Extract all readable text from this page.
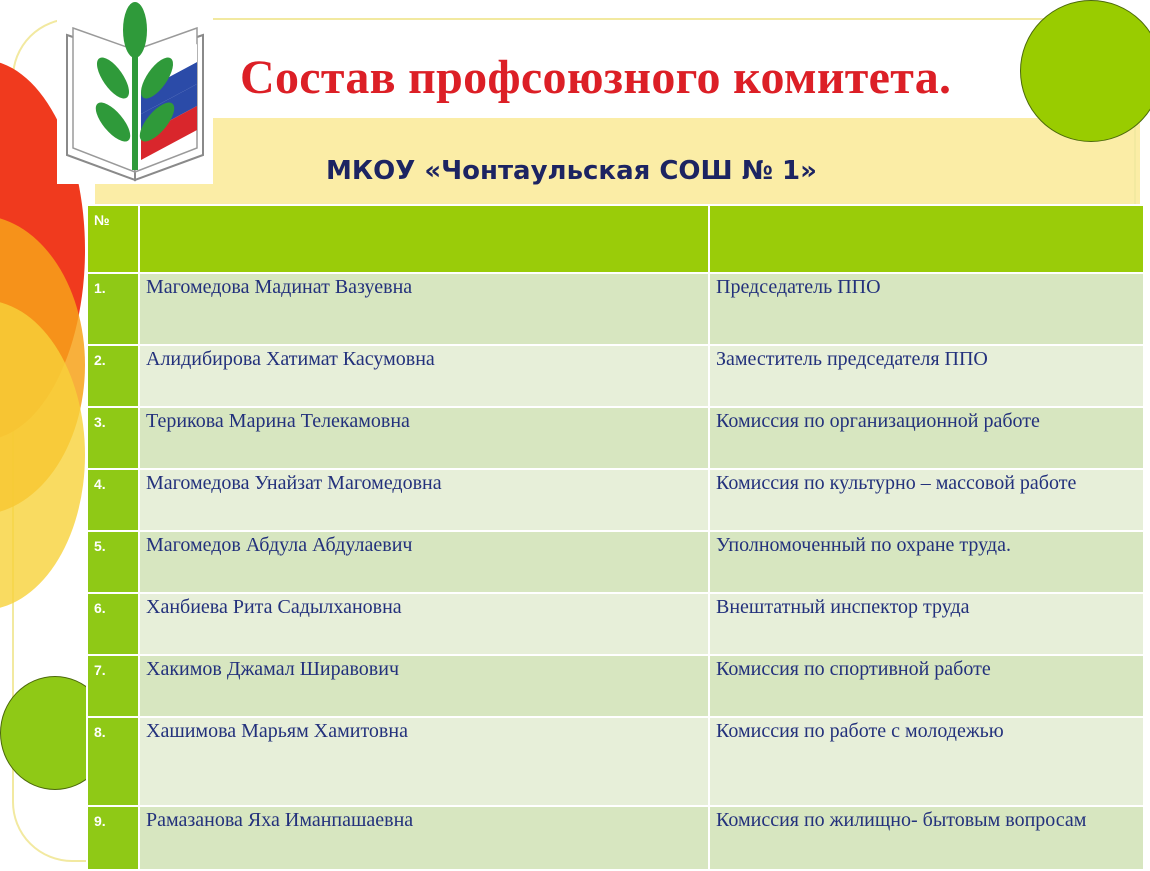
Состав профсоюзного комитета.
МКОУ «Чонтаульская СОШ № 1»
№	

1.	Магомедова Мадинат Вазуевна	Председатель ППО

2.	Алидибирова Хатимат Касумовна	Заместитель председателя ППО

3.	Терикова Марина Телекамовна	Комиссия по организационной работе

4.	Магомедова Унайзат Магомедовна	Комиссия по культурно – массовой работе

5.	Магомедов Абдула Абдулаевич	Уполномоченный по охране труда.

6.	Ханбиева Рита Садылхановна	Внештатный инспектор труда

7.	Хакимов Джамал Ширавович	Комиссия по спортивной работе

8.	Хашимова Марьям Хамитовна	Комиссия по работе с молодежью

9.	Рамазанова Яха Иманпашаевна	Комиссия по жилищно- бытовым вопросам
